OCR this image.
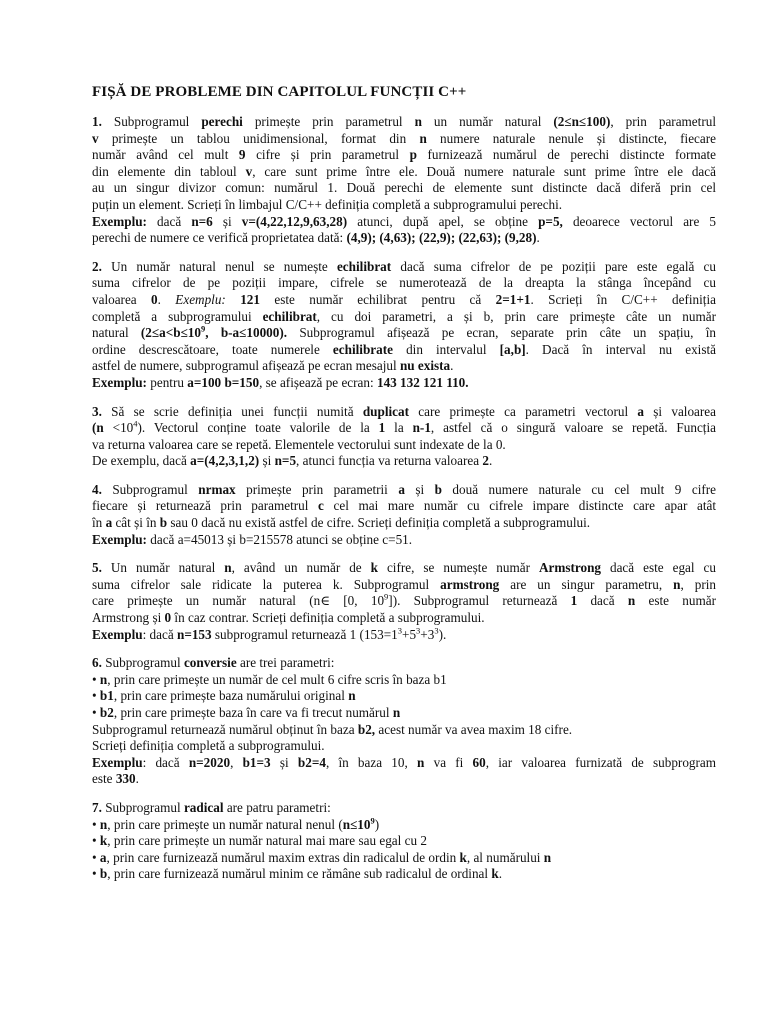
FIȘĂ DE PROBLEME DIN CAPITOLUL FUNCȚII C++
1. Subprogramul perechi primește prin parametrul n un număr natural (2≤n≤100), prin parametrul
v primește un tablou unidimensional, format din n numere naturale nenule și distincte, fiecare
număr având cel mult 9 cifre și prin parametrul p furnizează numărul de perechi distincte formate
din elemente din tabloul v, care sunt prime între ele. Două numere naturale sunt prime între ele dacă
au un singur divizor comun: numărul 1. Două perechi de elemente sunt distincte dacă diferă prin cel
puțin un element. Scrieți în limbajul C/C++ definiția completă a subprogramului perechi.
Exemplu: dacă n=6 și v=(4,22,12,9,63,28) atunci, după apel, se obține p=5, deoarece vectorul are 5
perechi de numere ce verifică proprietatea dată: (4,9); (4,63); (22,9); (22,63); (9,28).
2. Un număr natural nenul se numește echilibrat dacă suma cifrelor de pe poziții pare este egală cu
suma cifrelor de pe poziții impare, cifrele se numerotează de la dreapta la stânga începând cu
valoarea 0. Exemplu: 121 este număr echilibrat pentru că 2=1+1. Scrieți în C/C++ definiția
completă a subprogramului echilibrat, cu doi parametri, a și b, prin care primește câte un număr
natural ($2\le a<b\le 10^9$, b-a≤10000). Subprogramul afișează pe ecran, separate prin câte un spațiu, în
ordine descrescătoare, toate numerele echilibrate din intervalul [a,b]. Dacă în interval nu există
astfel de numere, subprogramul afișează pe ecran mesajul nu exista.
Exemplu: pentru a=100 b=150, se afișează pe ecran: 143 132 121 110.
3. Să se scrie definiția unei funcții numită duplicat care primește ca parametri vectorul a și valoarea
$(n <10^4)$. Vectorul conține toate valorile de la 1 la n-1, astfel că o singură valoare se repetă. Funcția
va returna valoarea care se repetă. Elementele vectorului sunt indexate de la 0.
De exemplu, dacă a=(4,2,3,1,2) și n=5, atunci funcția va returna valoarea 2.
4. Subprogramul nrmax primește prin parametrii a și b două numere naturale cu cel mult 9 cifre
fiecare și returnează prin parametrul c cel mai mare număr cu cifrele impare distincte care apar atât
în a cât și în b sau 0 dacă nu există astfel de cifre. Scrieți definiția completă a subprogramului.
Exemplu: dacă a=45013 și b=215578 atunci se obține c=51.
5. Un număr natural n, având un număr de k cifre, se numește număr Armstrong dacă este egal cu
suma cifrelor sale ridicate la puterea k. Subprogramul armstrong are un singur parametru, n, prin
care primește un număr natural (n∈ [0, $10^9$]). Subprogramul returnează 1 dacă n este număr
Armstrong și 0 în caz contrar. Scrieți definiția completă a subprogramului.
Exemplu: dacă n=153 subprogramul returnează 1 $(153=1^3+5^3+3^3)$.
6. Subprogramul conversie are trei parametri:
• n, prin care primește un număr de cel mult 6 cifre scris în baza b1
• b1, prin care primește baza numărului original n
• b2, prin care primește baza în care va fi trecut numărul n
Subprogramul returnează numărul obținut în baza b2, acest număr va avea maxim 18 cifre.
Scrieți definiția completă a subprogramului.
Exemplu: dacă n=2020, b1=3 și b2=4, în baza 10, n va fi 60, iar valoarea furnizată de subprogram
este 330.
7. Subprogramul radical are patru parametri:
• n, prin care primește un număr natural nenul $(n\le 10^9)$
• k, prin care primește un număr natural mai mare sau egal cu 2
• a, prin care furnizează numărul maxim extras din radicalul de ordin k, al numărului n
• b, prin care furnizează numărul minim ce rămâne sub radicalul de ordinal k.
